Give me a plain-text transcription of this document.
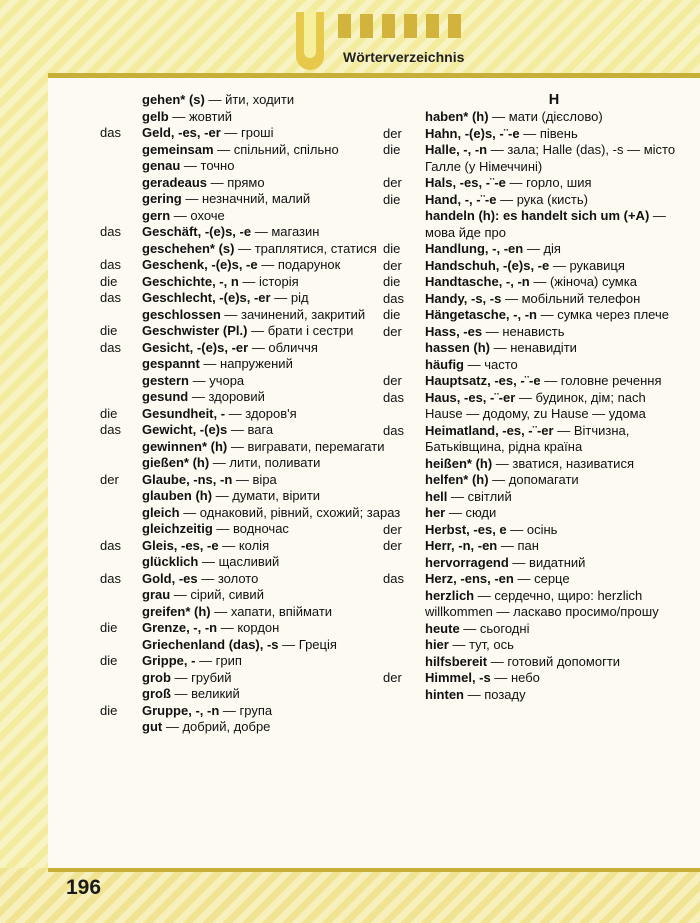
Wörterverzeichnis
gehen* (s) — йти, ходити
gelb — жовтий
das Geld, -es, -er — гроші
gemeinsam — спільний, спільно
genau — точно
geradeaus — прямо
gering — незначний, малий
gern — охоче
das Geschäft, -(e)s, -e — магазин
geschehen* (s) — траплятися, статися
das Geschenk, -(e)s, -e — подарунок
die Geschichte, -, n — історія
das Geschlecht, -(e)s, -er — рід
geschlossen — зачинений, закритий
die Geschwister (Pl.) — брати і сестри
das Gesicht, -(e)s, -er — обличчя
gespannt — напружений
gestern — учора
gesund — здоровий
die Gesundheit, - — здоров'я
das Gewicht, -(e)s — вага
gewinnen* (h) — вигравати, перемагати
gießen* (h) — лити, поливати
der Glaube, -ns, -n — віра
glauben (h) — думати, вірити
gleich — однаковий, рівний, схожий; зараз
gleichzeitig — водночас
das Gleis, -es, -e — колія
glücklich — щасливий
das Gold, -es — золото
grau — сірий, сивий
greifen* (h) — хапати, впіймати
die Grenze, -, -n — кордон
Griechenland (das), -s — Греція
die Grippe, - — грип
grob — грубий
groß — великий
die Gruppe, -, -n — група
gut — добрий, добре
H
haben* (h) — мати (дієслово)
der Hahn, -(e)s, -¨-e — півень
die Halle, -, -n — зала; Halle (das), -s — місто Галле (у Німеччині)
der Hals, -es, -¨-e — горло, шия
die Hand, -, -¨-e — рука (кисть)
handeln (h): es handelt sich um (+A) — мова йде про
die Handlung, -, -en — дія
der Handschuh, -(e)s, -e — рукавиця
die Handtasche, -, -n — (жіноча) сумка
das Handy, -s, -s — мобільний телефон
die Hängetasche, -, -n — сумка через плече
der Hass, -es — ненависть
hassen (h) — ненавидіти
häufig — часто
der Hauptsatz, -es, -¨-e — головне речення
das Haus, -es, -¨-er — будинок, дім; nach Hause — додому, zu Hause — удома
das Heimatland, -es, -¨-er — Вітчизна, Батьківщина, рідна країна
heißen* (h) — зватися, називатися
helfen* (h) — допомагати
hell — світлий
her — сюди
der Herbst, -es, e — осінь
der Herr, -n, -en — пан
hervorragend — видатний
das Herz, -ens, -en — серце
herzlich — сердечно, щиро: herzlich willkommen — ласкаво просимо/прошу
heute — сьогодні
hier — тут, ось
hilfsbereit — готовий допомогти
der Himmel, -s — небо
hinten — позаду
196
